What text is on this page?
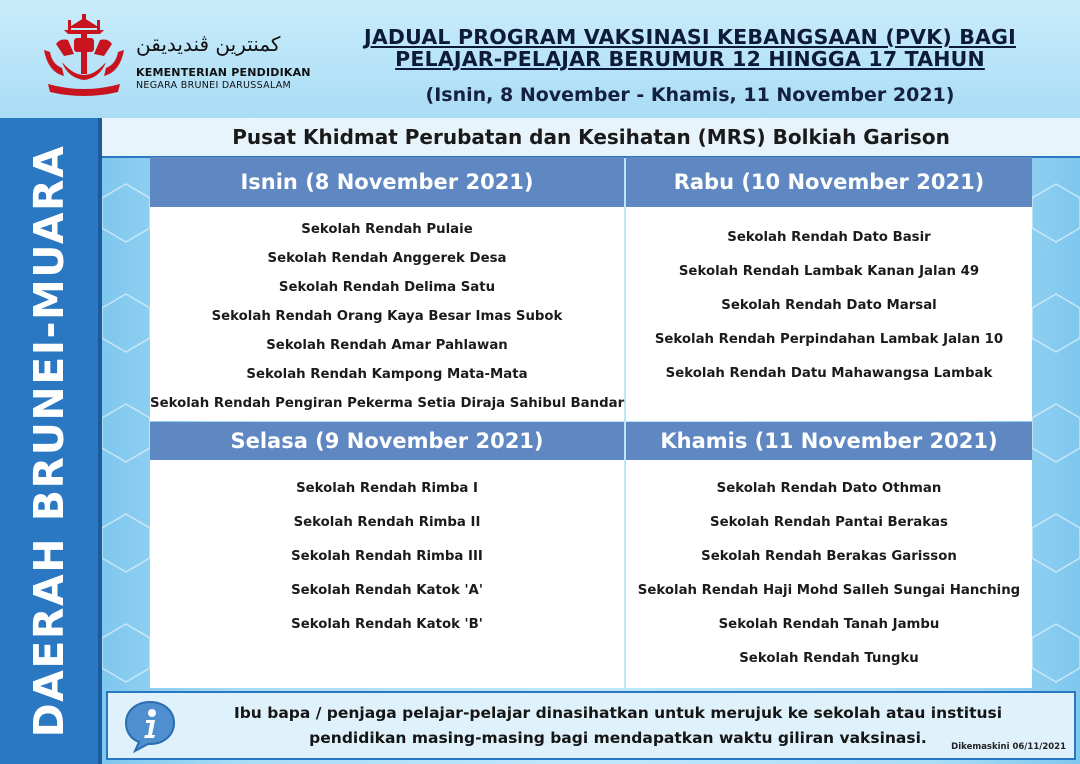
كمنترين ڤنديديقن
KEMENTERIAN PENDIDIKAN
NEGARA BRUNEI DARUSSALAM
JADUAL PROGRAM VAKSINASI KEBANGSAAN (PVK) BAGI
PELAJAR-PELAJAR BERUMUR 12 HINGGA 17 TAHUN
(Isnin, 8 November - Khamis, 11 November 2021)
DAERAH BRUNEI-MUARA
Pusat Khidmat Perubatan dan Kesihatan (MRS) Bolkiah Garison
Isnin (8 November 2021)
Sekolah Rendah Pulaie
Sekolah Rendah Anggerek Desa
Sekolah Rendah Delima Satu
Sekolah Rendah Orang Kaya Besar Imas Subok
Sekolah Rendah Amar Pahlawan
Sekolah Rendah Kampong Mata-Mata
Sekolah Rendah Pengiran Pekerma Setia Diraja Sahibul Bandar
Rabu (10 November 2021)
Sekolah Rendah Dato Basir
Sekolah Rendah Lambak Kanan Jalan 49
Sekolah Rendah Dato Marsal
Sekolah Rendah Perpindahan Lambak Jalan 10
Sekolah Rendah Datu Mahawangsa Lambak
Selasa (9 November 2021)
Sekolah Rendah Rimba I
Sekolah Rendah Rimba II
Sekolah Rendah Rimba III
Sekolah Rendah Katok 'A'
Sekolah Rendah Katok 'B'
Khamis (11 November 2021)
Sekolah Rendah Dato Othman
Sekolah Rendah Pantai Berakas
Sekolah Rendah Berakas Garisson
Sekolah Rendah Haji Mohd Salleh Sungai Hanching
Sekolah Rendah Tanah Jambu
Sekolah Rendah Tungku
Ibu bapa / penjaga pelajar-pelajar dinasihatkan untuk merujuk ke sekolah atau institusi
pendidikan masing-masing bagi mendapatkan waktu giliran vaksinasi.	Dikemaskini 06/11/2021
